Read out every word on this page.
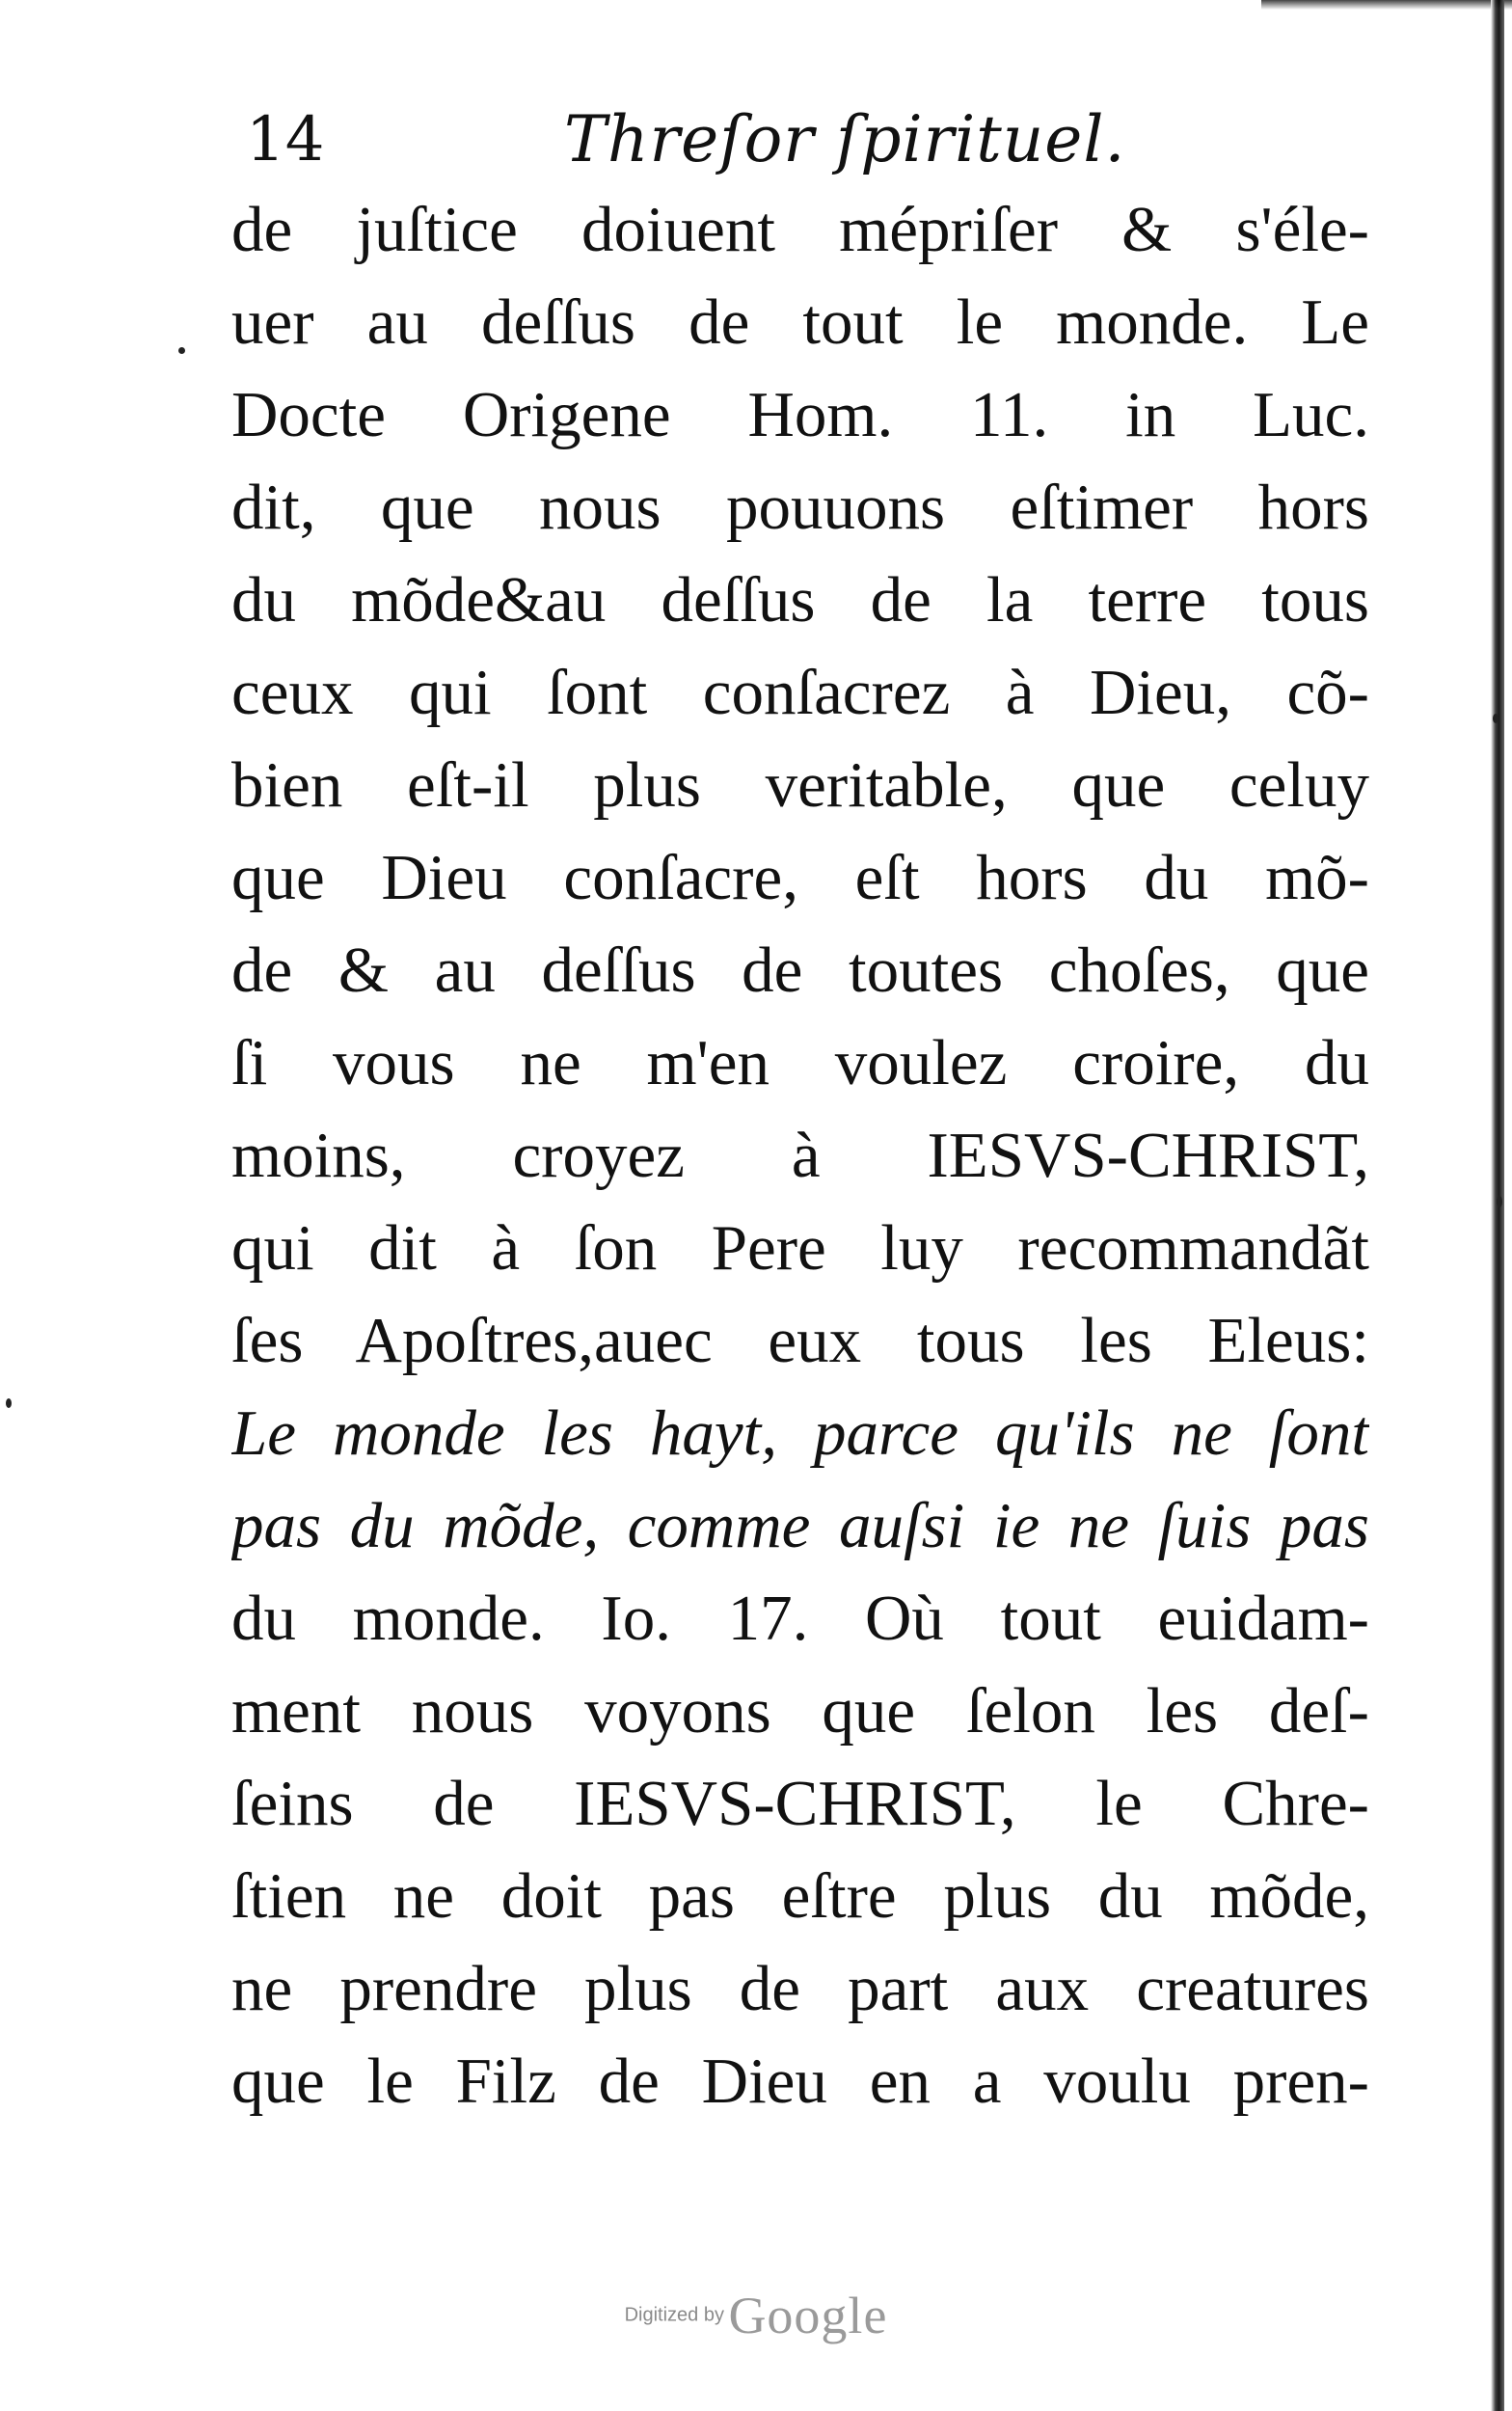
14	Threſor ſpirituel.
de juſtice doiuent mépriſer & s'éle-
uer au deſſus de tout le monde. Le
Docte Origene Hom. 11. in Luc.
dit, que nous pouuons eſtimer hors
du mõde&au deſſus de la terre tous
ceux qui ſont conſacrez à Dieu, cõ-
bien eſt-il plus veritable, que celuy
que Dieu conſacre, eſt hors du mõ-
de & au deſſus de toutes choſes, que
ſi vous ne m'en voulez croire, du
moins, croyez à IESVS-CHRIST,
qui dit à ſon Pere luy recommandãt
ſes Apoſtres,auec eux tous les Eleus:
Le monde les hayt, parce qu'ils ne ſont
pas du mõde, comme auſsi ie ne ſuis pas
du monde. Io. 17. Où tout euidam-
ment nous voyons que ſelon les deſ-
ſeins de IESVS-CHRIST, le Chre-
ſtien ne doit pas eſtre plus du mõde,
ne prendre plus de part aux creatures
que le Filz de Dieu en a voulu pren-
Digitized by Google
